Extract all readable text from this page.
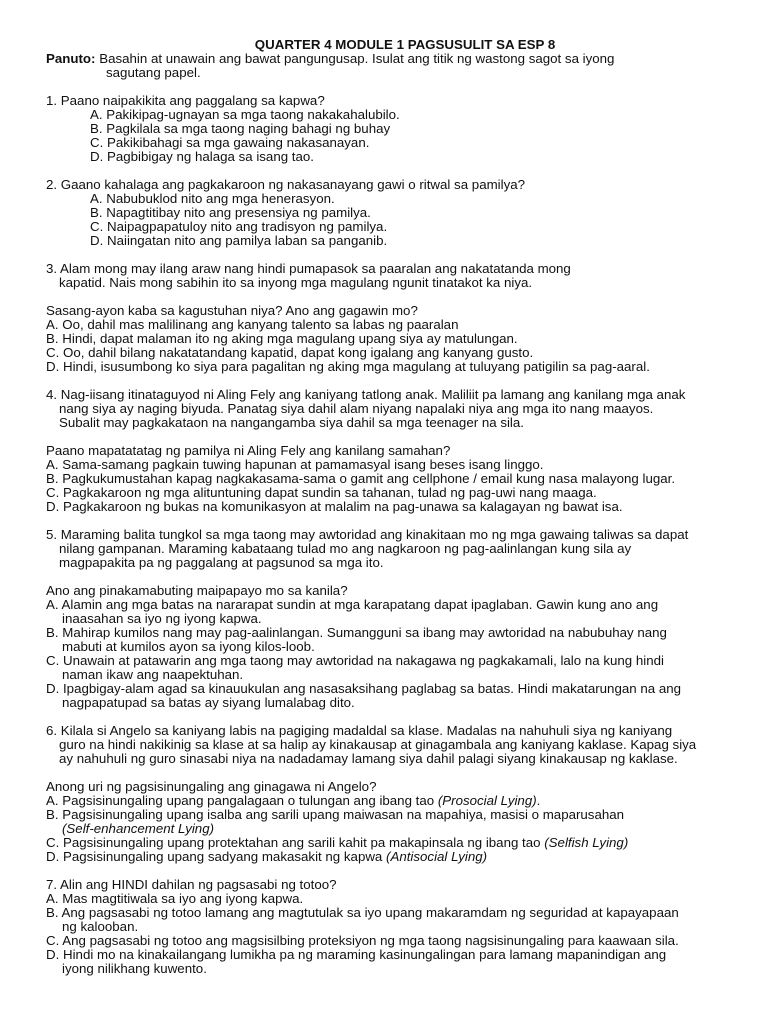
QUARTER 4 MODULE 1 PAGSUSULIT SA ESP 8
Panuto: Basahin at unawain ang bawat pangungusap. Isulat ang titik ng wastong sagot sa iyong
sagutang papel.
1. Paano naipakikita ang paggalang sa kapwa?
A. Pakikipag-ugnayan sa mga taong nakakahalubilo.
B. Pagkilala sa mga taong naging bahagi ng buhay
C. Pakikibahagi sa mga gawaing nakasanayan.
D. Pagbibigay ng halaga sa isang tao.
2. Gaano kahalaga ang pagkakaroon ng nakasanayang gawi o ritwal sa pamilya?
A. Nabubuklod nito ang mga henerasyon.
B. Napagtitibay nito ang presensiya ng pamilya.
C. Naipagpapatuloy nito ang tradisyon ng pamilya.
D. Naiingatan nito ang pamilya laban sa panganib.
3. Alam mong may ilang araw nang hindi pumapasok sa paaralan ang nakatatanda mong
kapatid. Nais mong sabihin ito sa inyong mga magulang ngunit tinatakot ka niya.
Sasang-ayon kaba sa kagustuhan niya? Ano ang gagawin mo?
A. Oo, dahil mas malilinang ang kanyang talento sa labas ng paaralan
B. Hindi, dapat malaman ito ng aking mga magulang upang siya ay matulungan.
C. Oo, dahil bilang nakatatandang kapatid, dapat kong igalang ang kanyang gusto.
D. Hindi, isusumbong ko siya para pagalitan ng aking mga magulang at tuluyang patigilin sa pag-aaral.
4. Nag-iisang itinataguyod ni Aling Fely ang kaniyang tatlong anak. Maliliit pa lamang ang kanilang mga anak
nang siya ay naging biyuda. Panatag siya dahil alam niyang napalaki niya ang mga ito nang maayos.
Subalit may pagkakataon na nangangamba siya dahil sa mga teenager na sila.
Paano mapatatatag ng pamilya ni Aling Fely ang kanilang samahan?
A. Sama-samang pagkain tuwing hapunan at pamamasyal isang beses isang linggo.
B. Pagkukumustahan kapag nagkakasama-sama o gamit ang cellphone / email kung nasa malayong lugar.
C. Pagkakaroon ng mga alituntuning dapat sundin sa tahanan, tulad ng pag-uwi nang maaga.
D. Pagkakaroon ng bukas na komunikasyon at malalim na pag-unawa sa kalagayan ng bawat isa.
5. Maraming balita tungkol sa mga taong may awtoridad ang kinakitaan mo ng mga gawaing taliwas sa dapat
nilang gampanan. Maraming kabataang tulad mo ang nagkaroon ng pag-aalinlangan kung sila ay
magpapakita pa ng paggalang at pagsunod sa mga ito.
Ano ang pinakamabuting maipapayo mo sa kanila?
A. Alamin ang mga batas na nararapat sundin at mga karapatang dapat ipaglaban. Gawin kung ano ang
inaasahan sa iyo ng iyong kapwa.
B. Mahirap kumilos nang may pag-aalinlangan. Sumangguni sa ibang may awtoridad na nabubuhay nang
mabuti at kumilos ayon sa iyong kilos-loob.
C. Unawain at patawarin ang mga taong may awtoridad na nakagawa ng pagkakamali, lalo na kung hindi
naman ikaw ang naapektuhan.
D. Ipagbigay-alam agad sa kinauukulan ang nasasaksihang paglabag sa batas. Hindi makatarungan na ang
nagpapatupad sa batas ay siyang lumalabag dito.
6. Kilala si Angelo sa kaniyang labis na pagiging madaldal sa klase. Madalas na nahuhuli siya ng kaniyang
guro na hindi nakikinig sa klase at sa halip ay kinakausap at ginagambala ang kaniyang kaklase. Kapag siya
ay nahuhuli ng guro sinasabi niya na nadadamay lamang siya dahil palagi siyang kinakausap ng kaklase.
Anong uri ng pagsisinungaling ang ginagawa ni Angelo?
A. Pagsisinungaling upang pangalagaan o tulungan ang ibang tao (Prosocial Lying).
B. Pagsisinungaling upang isalba ang sarili upang maiwasan na mapahiya, masisi o maparusahan
(Self-enhancement Lying)
C. Pagsisinungaling upang protektahan ang sarili kahit pa makapinsala ng ibang tao (Selfish Lying)
D. Pagsisinungaling upang sadyang makasakit ng kapwa (Antisocial Lying)
7. Alin ang HINDI dahilan ng pagsasabi ng totoo?
A. Mas magtitiwala sa iyo ang iyong kapwa.
B. Ang pagsasabi ng totoo lamang ang magtutulak sa iyo upang makaramdam ng seguridad at kapayapaan
ng kalooban.
C. Ang pagsasabi ng totoo ang magsisilbing proteksiyon ng mga taong nagsisinungaling para kaawaan sila.
D. Hindi mo na kinakailangang lumikha pa ng maraming kasinungalingan para lamang mapanindigan ang
iyong nilikhang kuwento.
